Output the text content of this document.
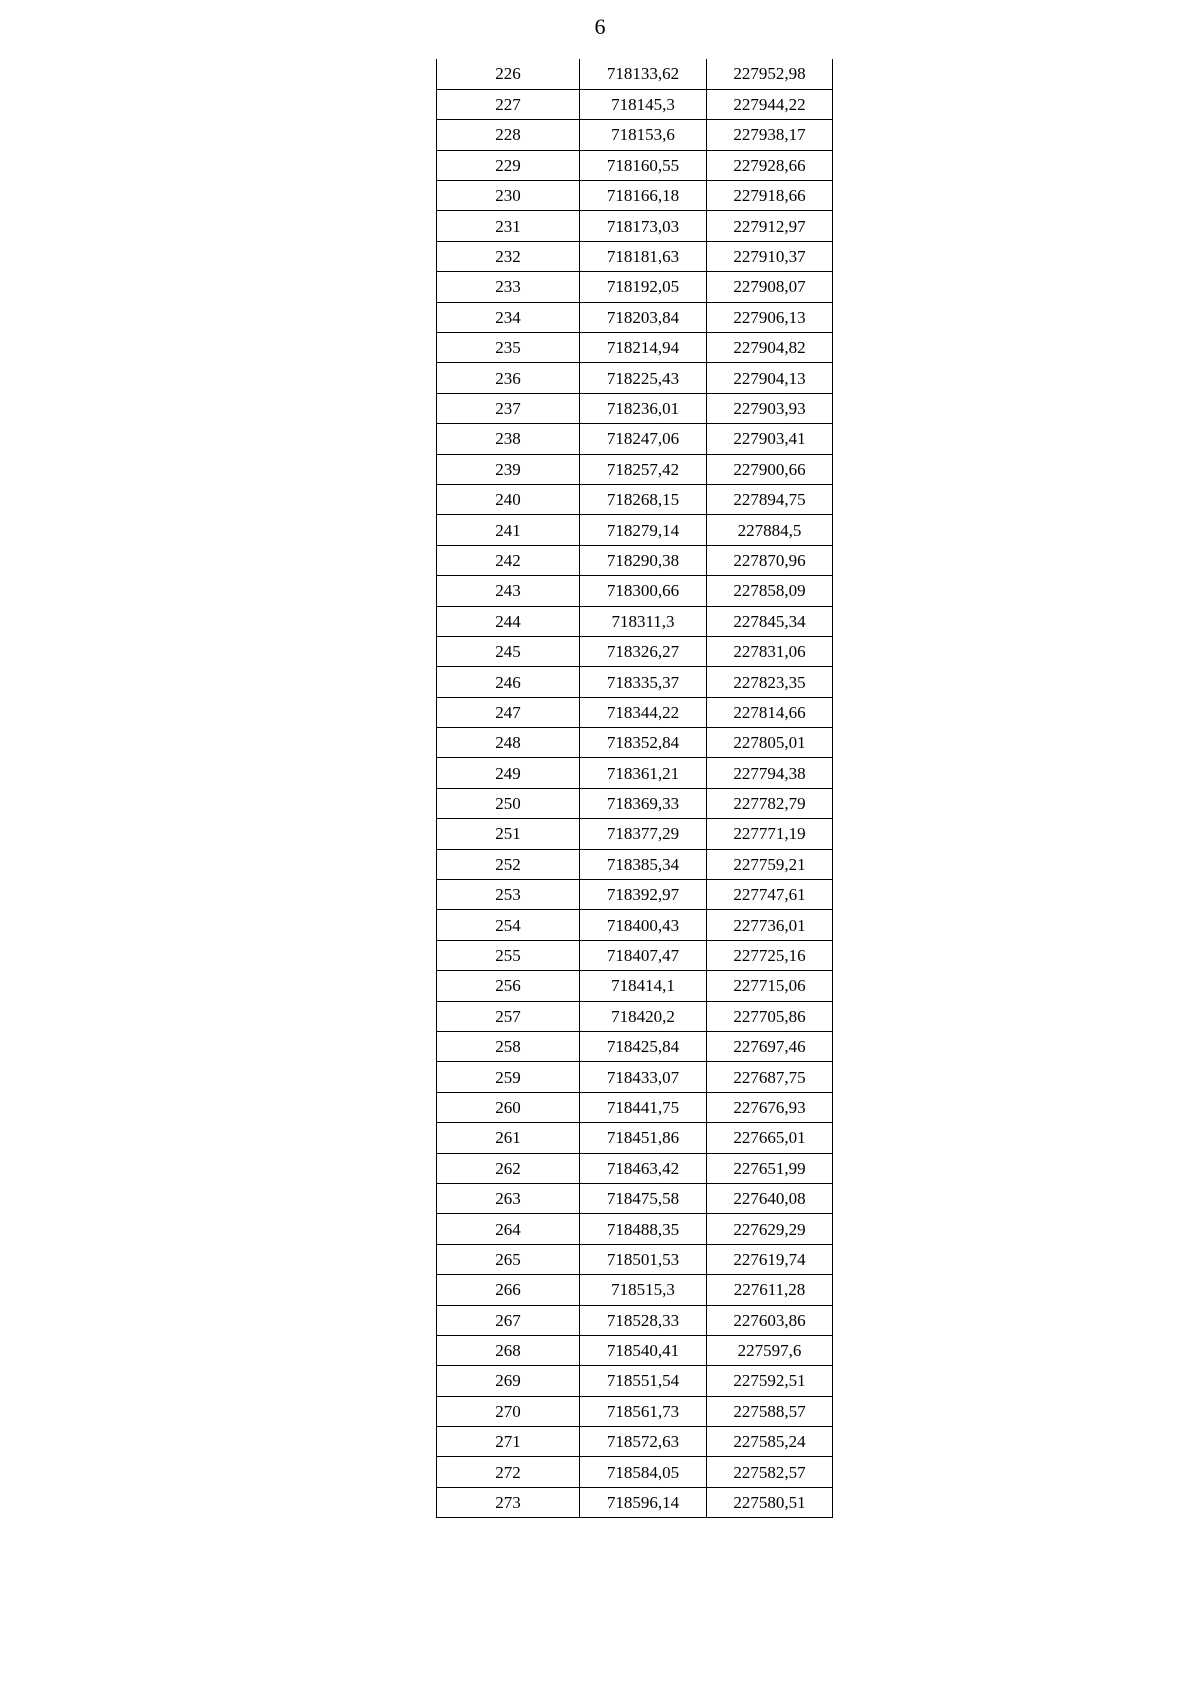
6
226	718133,62	227952,98
227	718145,3	227944,22
228	718153,6	227938,17
229	718160,55	227928,66
230	718166,18	227918,66
231	718173,03	227912,97
232	718181,63	227910,37
233	718192,05	227908,07
234	718203,84	227906,13
235	718214,94	227904,82
236	718225,43	227904,13
237	718236,01	227903,93
238	718247,06	227903,41
239	718257,42	227900,66
240	718268,15	227894,75
241	718279,14	227884,5
242	718290,38	227870,96
243	718300,66	227858,09
244	718311,3	227845,34
245	718326,27	227831,06
246	718335,37	227823,35
247	718344,22	227814,66
248	718352,84	227805,01
249	718361,21	227794,38
250	718369,33	227782,79
251	718377,29	227771,19
252	718385,34	227759,21
253	718392,97	227747,61
254	718400,43	227736,01
255	718407,47	227725,16
256	718414,1	227715,06
257	718420,2	227705,86
258	718425,84	227697,46
259	718433,07	227687,75
260	718441,75	227676,93
261	718451,86	227665,01
262	718463,42	227651,99
263	718475,58	227640,08
264	718488,35	227629,29
265	718501,53	227619,74
266	718515,3	227611,28
267	718528,33	227603,86
268	718540,41	227597,6
269	718551,54	227592,51
270	718561,73	227588,57
271	718572,63	227585,24
272	718584,05	227582,57
273	718596,14	227580,51
